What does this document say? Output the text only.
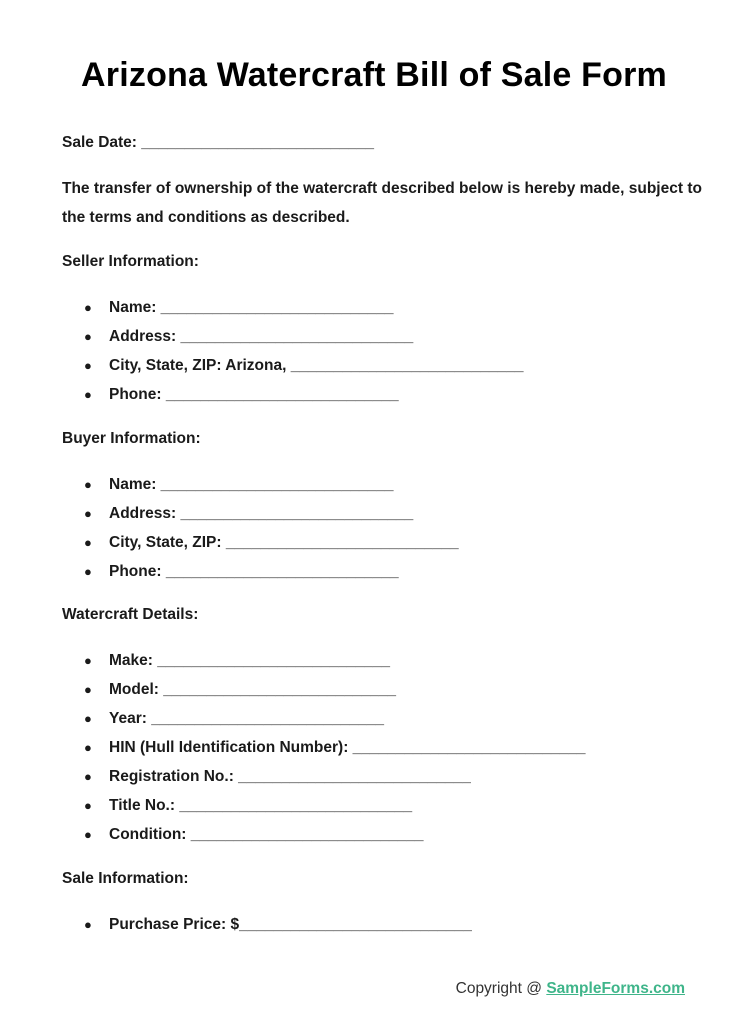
Arizona Watercraft Bill of Sale Form
Sale Date: ___________________________
The transfer of ownership of the watercraft described below is hereby made, subject to the terms and conditions as described.
Seller Information:
● Name: ___________________________
● Address: ___________________________
● City, State, ZIP: Arizona, ___________________________
● Phone: ___________________________
Buyer Information:
● Name: ___________________________
● Address: ___________________________
● City, State, ZIP: ___________________________
● Phone: ___________________________
Watercraft Details:
● Make: ___________________________
● Model: ___________________________
● Year: ___________________________
● HIN (Hull Identification Number): ___________________________
● Registration No.: ___________________________
● Title No.: ___________________________
● Condition: ___________________________
Sale Information:
● Purchase Price: $___________________________
Copyright @ SampleForms.com
